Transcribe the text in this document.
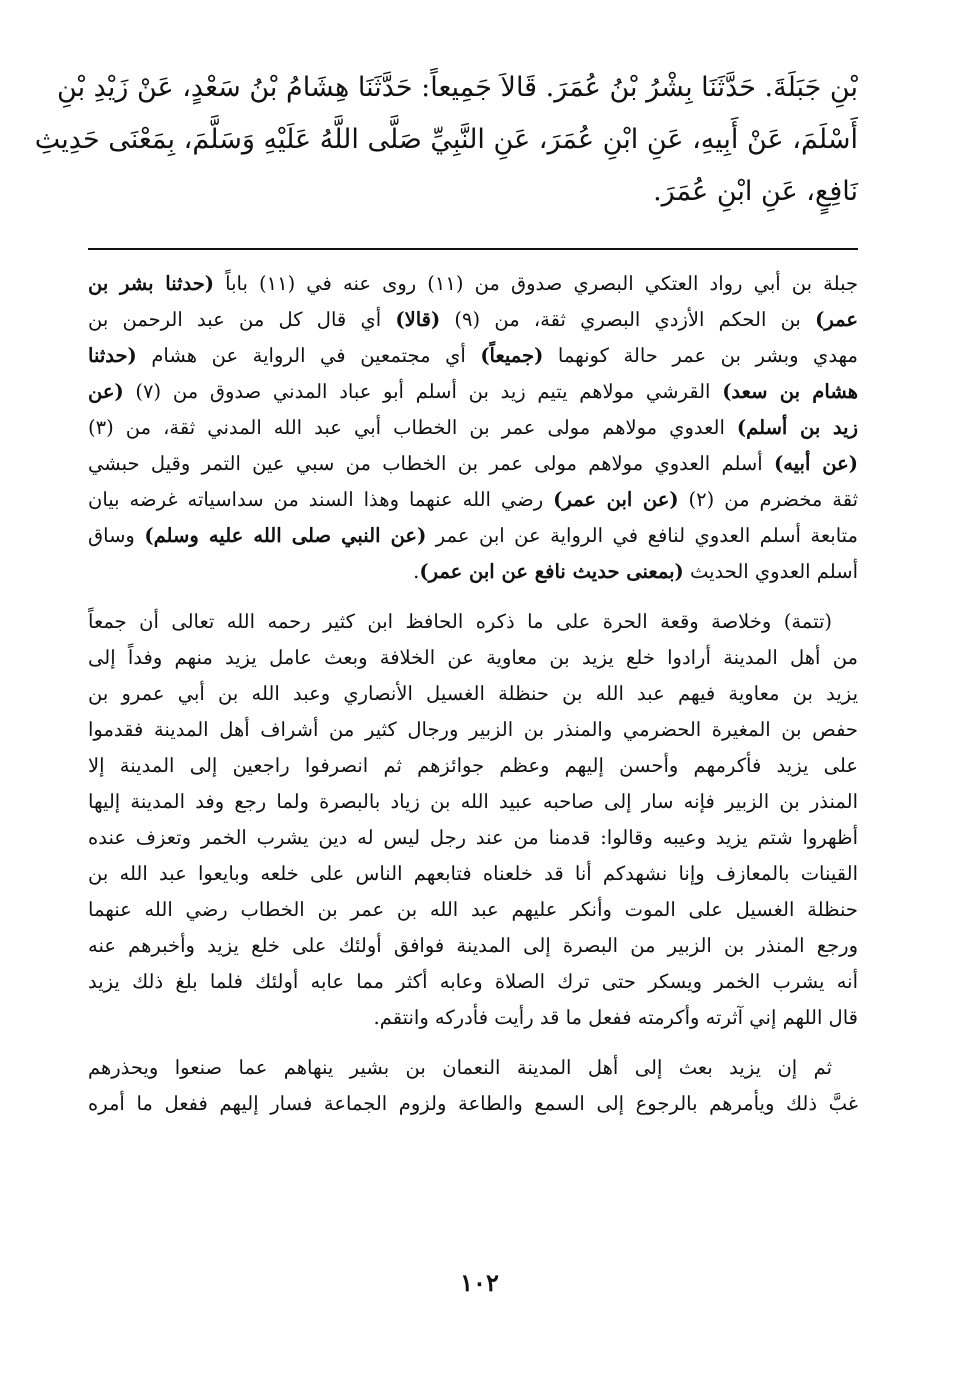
بْنِ جَبَلَةَ. حَدَّثَنَا بِشْرُ بْنُ عُمَرَ. قَالاَ جَمِيعاً: حَدَّثَنَا هِشَامُ بْنُ سَعْدٍ، عَنْ زَيْدِ بْنِ
أَسْلَمَ، عَنْ أَبِيهِ، عَنِ ابْنِ عُمَرَ، عَنِ النَّبِيِّ صَلَّى اللَّهُ عَلَيْهِ وَسَلَّمَ، بِمَعْنَى حَدِيثِ
نَافِعٍ، عَنِ ابْنِ عُمَرَ.
جبلة بن أبي رواد العتكي البصري صدوق من (١١) روى عنه في (١١) باباً (حدثنا بشر بن
عمر) بن الحكم الأزدي البصري ثقة، من (٩) (قالا) أي قال كل من عبد الرحمن بن
مهدي وبشر بن عمر حالة كونهما (جميعاً) أي مجتمعين في الرواية عن هشام (حدثنا
هشام بن سعد) القرشي مولاهم يتيم زيد بن أسلم أبو عباد المدني صدوق من (٧) (عن
زيد بن أسلم) العدوي مولاهم مولى عمر بن الخطاب أبي عبد الله المدني ثقة، من (٣)
(عن أبيه) أسلم العدوي مولاهم مولى عمر بن الخطاب من سبي عين التمر وقيل حبشي
ثقة مخضرم من (٢) (عن ابن عمر) رضي الله عنهما وهذا السند من سداسياته غرضه بيان
متابعة أسلم العدوي لنافع في الرواية عن ابن عمر (عن النبي صلى الله عليه وسلم) وساق
أسلم العدوي الحديث (بمعنى حديث نافع عن ابن عمر).
(تتمة) وخلاصة وقعة الحرة على ما ذكره الحافظ ابن كثير رحمه الله تعالى أن جمعاً
من أهل المدينة أرادوا خلع يزيد بن معاوية عن الخلافة وبعث عامل يزيد منهم وفداً إلى
يزيد بن معاوية فيهم عبد الله بن حنظلة الغسيل الأنصاري وعبد الله بن أبي عمرو بن
حفص بن المغيرة الحضرمي والمنذر بن الزبير ورجال كثير من أشراف أهل المدينة فقدموا
على يزيد فأكرمهم وأحسن إليهم وعظم جوائزهم ثم انصرفوا راجعين إلى المدينة إلا
المنذر بن الزبير فإنه سار إلى صاحبه عبيد الله بن زياد بالبصرة ولما رجع وفد المدينة إليها
أظهروا شتم يزيد وعيبه وقالوا: قدمنا من عند رجل ليس له دين يشرب الخمر وتعزف عنده
القينات بالمعازف وإنا نشهدكم أنا قد خلعناه فتابعهم الناس على خلعه وبايعوا عبد الله بن
حنظلة الغسيل على الموت وأنكر عليهم عبد الله بن عمر بن الخطاب رضي الله عنهما
ورجع المنذر بن الزبير من البصرة إلى المدينة فوافق أولئك على خلع يزيد وأخبرهم عنه
أنه يشرب الخمر ويسكر حتى ترك الصلاة وعابه أكثر مما عابه أولئك فلما بلغ ذلك يزيد
قال اللهم إني آثرته وأكرمته ففعل ما قد رأيت فأدركه وانتقم.
ثم إن يزيد بعث إلى أهل المدينة النعمان بن بشير ينهاهم عما صنعوا ويحذرهم
غبَّ ذلك ويأمرهم بالرجوع إلى السمع والطاعة ولزوم الجماعة فسار إليهم ففعل ما أمره
١٠٢
